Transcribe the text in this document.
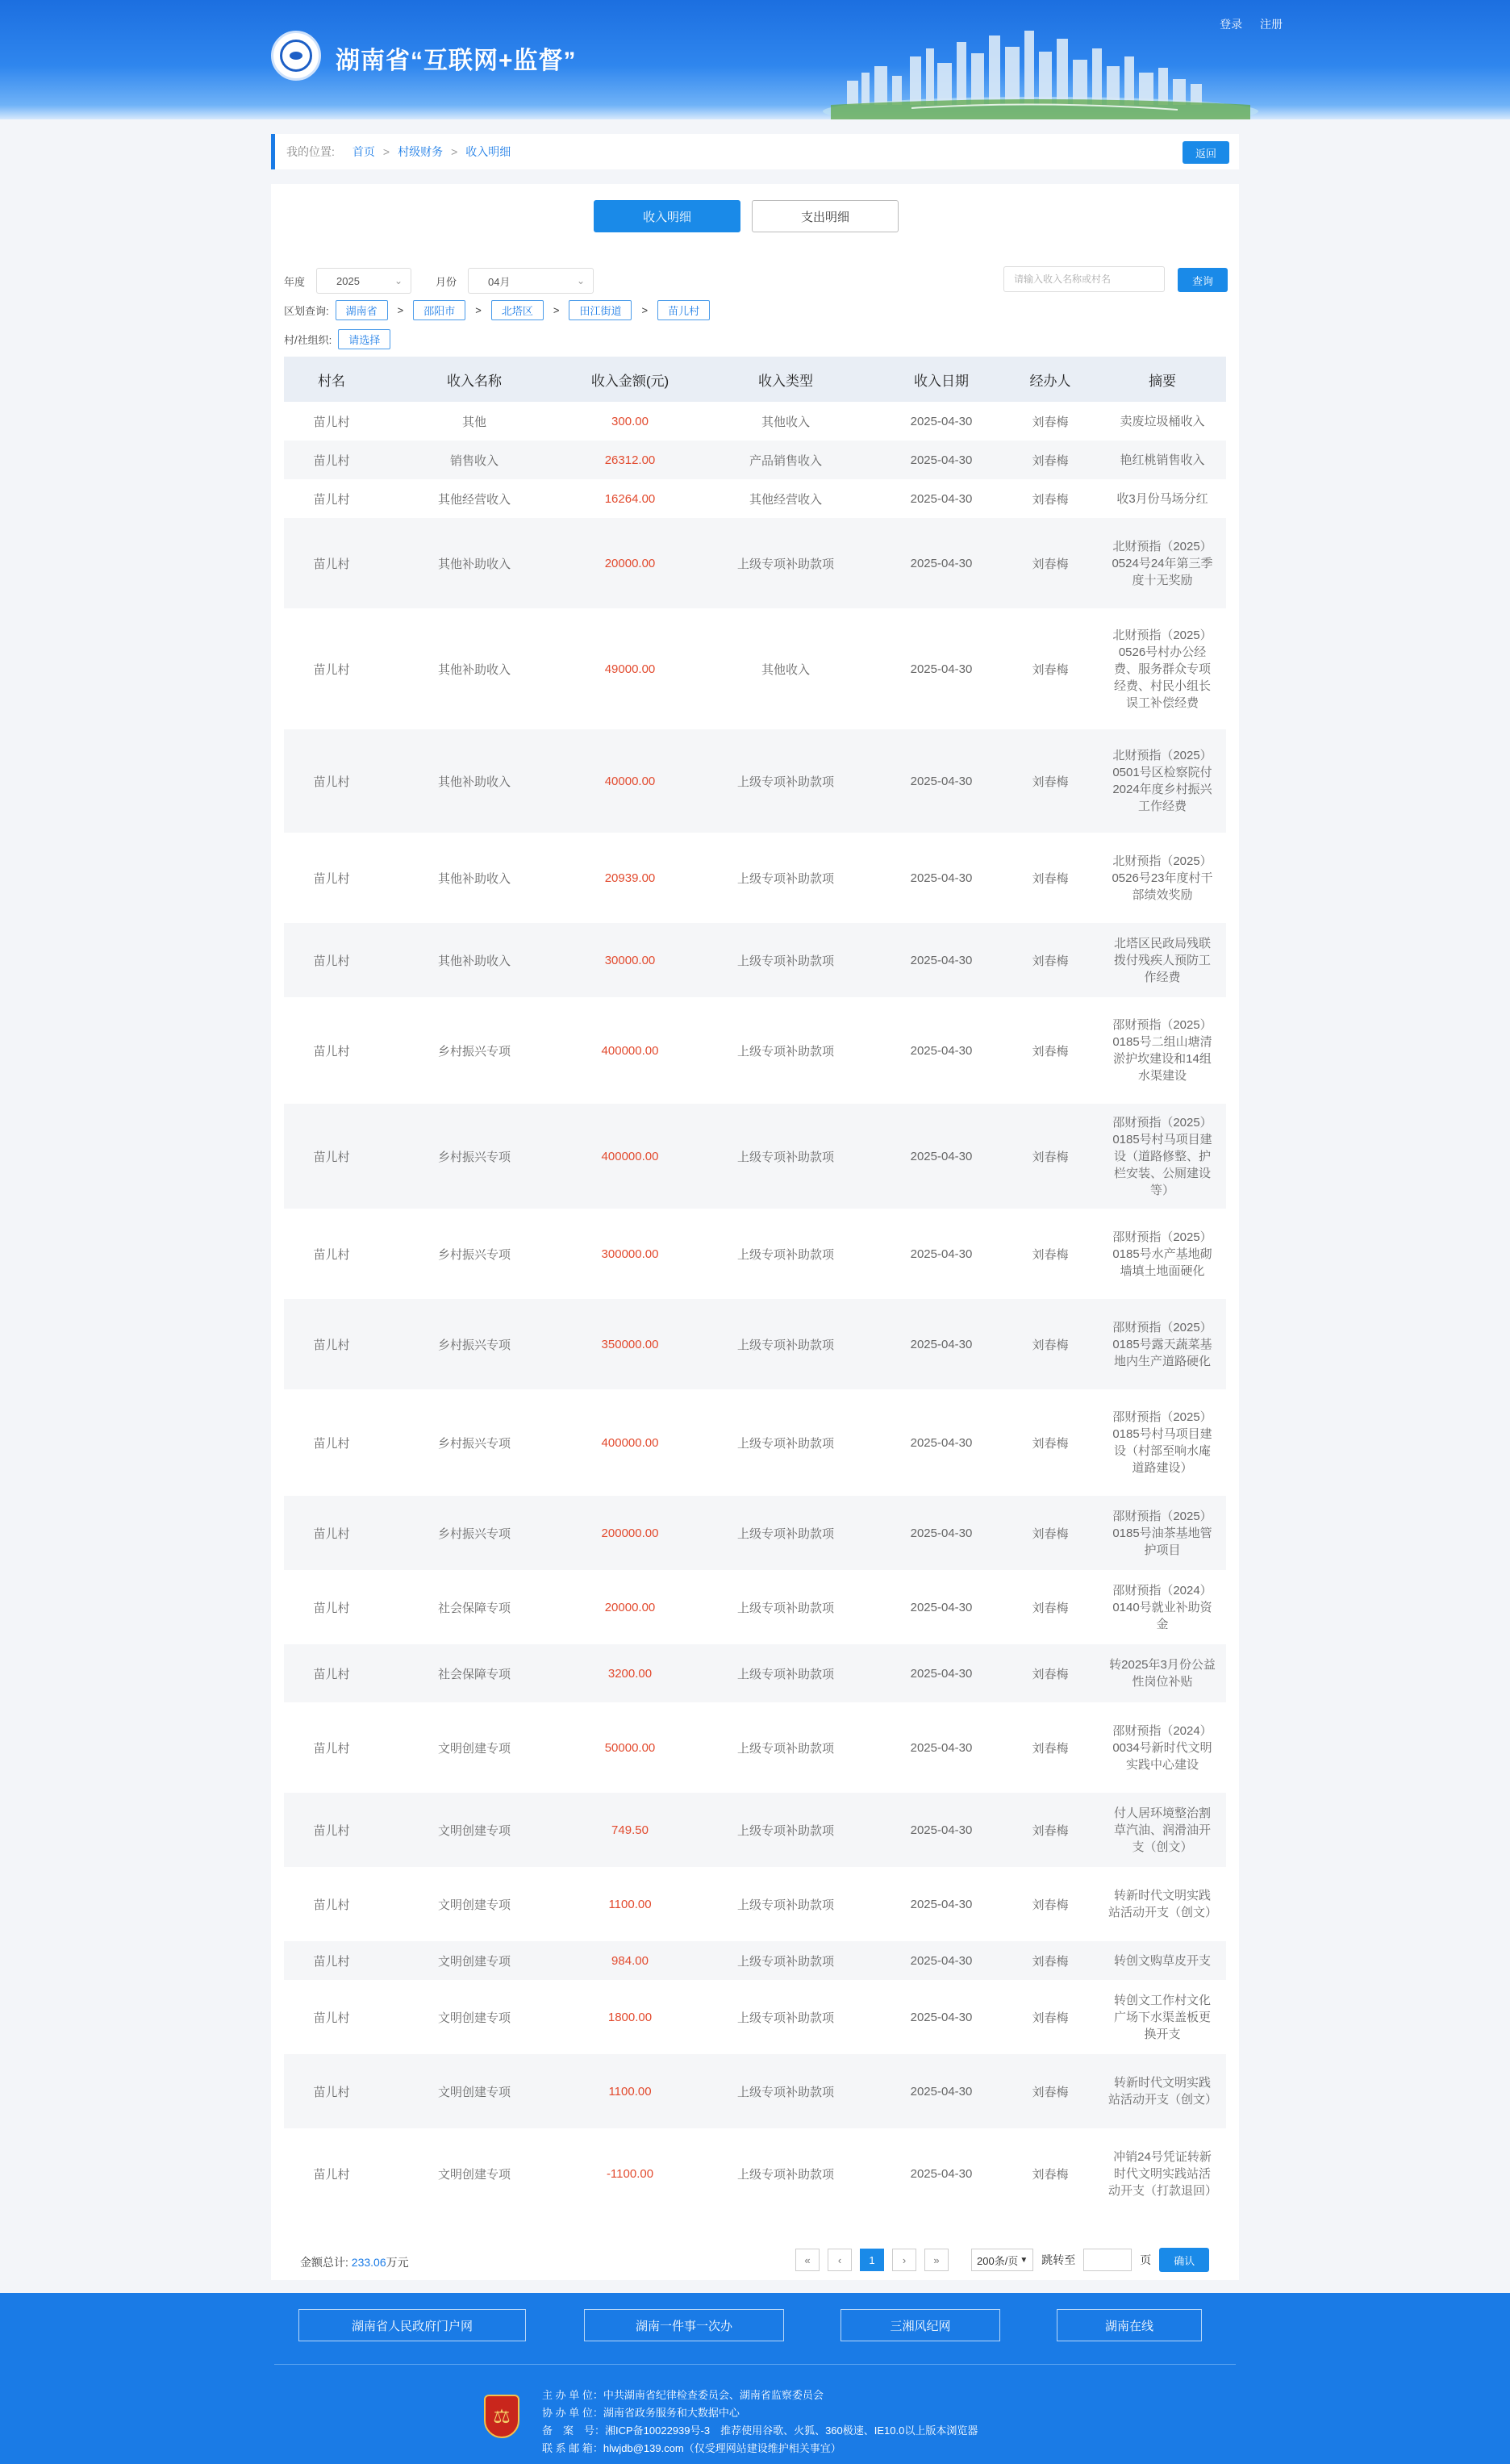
湖南省“互联网+监督”
登录 注册
我的位置: 首页 > 村级财务 > 收入明细	返回
收入明细	支出明细
年度	2025	⌄	月份	04月	⌄
请输入收入名称或村名	查询
区划查询:	湖南省	>	邵阳市	>	北塔区	>	田江街道	>	苗儿村
村/社组织:	请选择
村名	收入名称	收入金额(元)	收入类型	收入日期	经办人	摘要
苗儿村	其他	300.00	其他收入	2025-04-30	刘春梅	卖废垃圾桶收入
苗儿村	销售收入	26312.00	产品销售收入	2025-04-30	刘春梅	艳红桃销售收入
苗儿村	其他经营收入	16264.00	其他经营收入	2025-04-30	刘春梅	收3月份马场分红
苗儿村	其他补助收入	20000.00	上级专项补助款项	2025-04-30	刘春梅	北财预指（2025）0524号24年第三季度十无奖励
苗儿村	其他补助收入	49000.00	其他收入	2025-04-30	刘春梅	北财预指（2025）0526号村办公经费、服务群众专项经费、村民小组长误工补偿经费
苗儿村	其他补助收入	40000.00	上级专项补助款项	2025-04-30	刘春梅	北财预指（2025）0501号区检察院付2024年度乡村振兴工作经费
苗儿村	其他补助收入	20939.00	上级专项补助款项	2025-04-30	刘春梅	北财预指（2025）0526号23年度村干部绩效奖励
苗儿村	其他补助收入	30000.00	上级专项补助款项	2025-04-30	刘春梅	北塔区民政局残联拨付残疾人预防工作经费
苗儿村	乡村振兴专项	400000.00	上级专项补助款项	2025-04-30	刘春梅	邵财预指（2025）0185号二组山塘清淤护坎建设和14组水渠建设
苗儿村	乡村振兴专项	400000.00	上级专项补助款项	2025-04-30	刘春梅	邵财预指（2025）0185号村马项目建设（道路修整、护栏安装、公厕建设等）
苗儿村	乡村振兴专项	300000.00	上级专项补助款项	2025-04-30	刘春梅	邵财预指（2025）0185号水产基地砌墙填土地面硬化
苗儿村	乡村振兴专项	350000.00	上级专项补助款项	2025-04-30	刘春梅	邵财预指（2025）0185号露天蔬菜基地内生产道路硬化
苗儿村	乡村振兴专项	400000.00	上级专项补助款项	2025-04-30	刘春梅	邵财预指（2025）0185号村马项目建设（村部至响水庵道路建设）
苗儿村	乡村振兴专项	200000.00	上级专项补助款项	2025-04-30	刘春梅	邵财预指（2025）0185号油茶基地管护项目
苗儿村	社会保障专项	20000.00	上级专项补助款项	2025-04-30	刘春梅	邵财预指（2024）0140号就业补助资金
苗儿村	社会保障专项	3200.00	上级专项补助款项	2025-04-30	刘春梅	转2025年3月份公益性岗位补贴
苗儿村	文明创建专项	50000.00	上级专项补助款项	2025-04-30	刘春梅	邵财预指（2024）0034号新时代文明实践中心建设
苗儿村	文明创建专项	749.50	上级专项补助款项	2025-04-30	刘春梅	付人居环境整治割草汽油、润滑油开支（创文）
苗儿村	文明创建专项	1100.00	上级专项补助款项	2025-04-30	刘春梅	转新时代文明实践站活动开支（创文）
苗儿村	文明创建专项	984.00	上级专项补助款项	2025-04-30	刘春梅	转创文购草皮开支
苗儿村	文明创建专项	1800.00	上级专项补助款项	2025-04-30	刘春梅	转创文工作村文化广场下水渠盖板更换开支
苗儿村	文明创建专项	1100.00	上级专项补助款项	2025-04-30	刘春梅	转新时代文明实践站活动开支（创文）
苗儿村	文明创建专项	-1100.00	上级专项补助款项	2025-04-30	刘春梅	冲销24号凭证转新时代文明实践站活动开支（打款退回）
金额总计: 233.06万元	«	‹	1	›	»	200条/页 ▼ 跳转至	页	确认
湖南省人民政府门户网	湖南一件事一次办	三湘风纪网	湖南在线
⚖
主 办 单 位：中共湖南省纪律检查委员会、湖南省监察委员会
协 办 单 位：湖南省政务服务和大数据中心
备　案　号：湘ICP备10022939号-3　推荐使用谷歌、火狐、360极速、IE10.0以上版本浏览器
联 系 邮 箱：hlwjdb@139.com（仅受理网站建设维护相关事宜）
